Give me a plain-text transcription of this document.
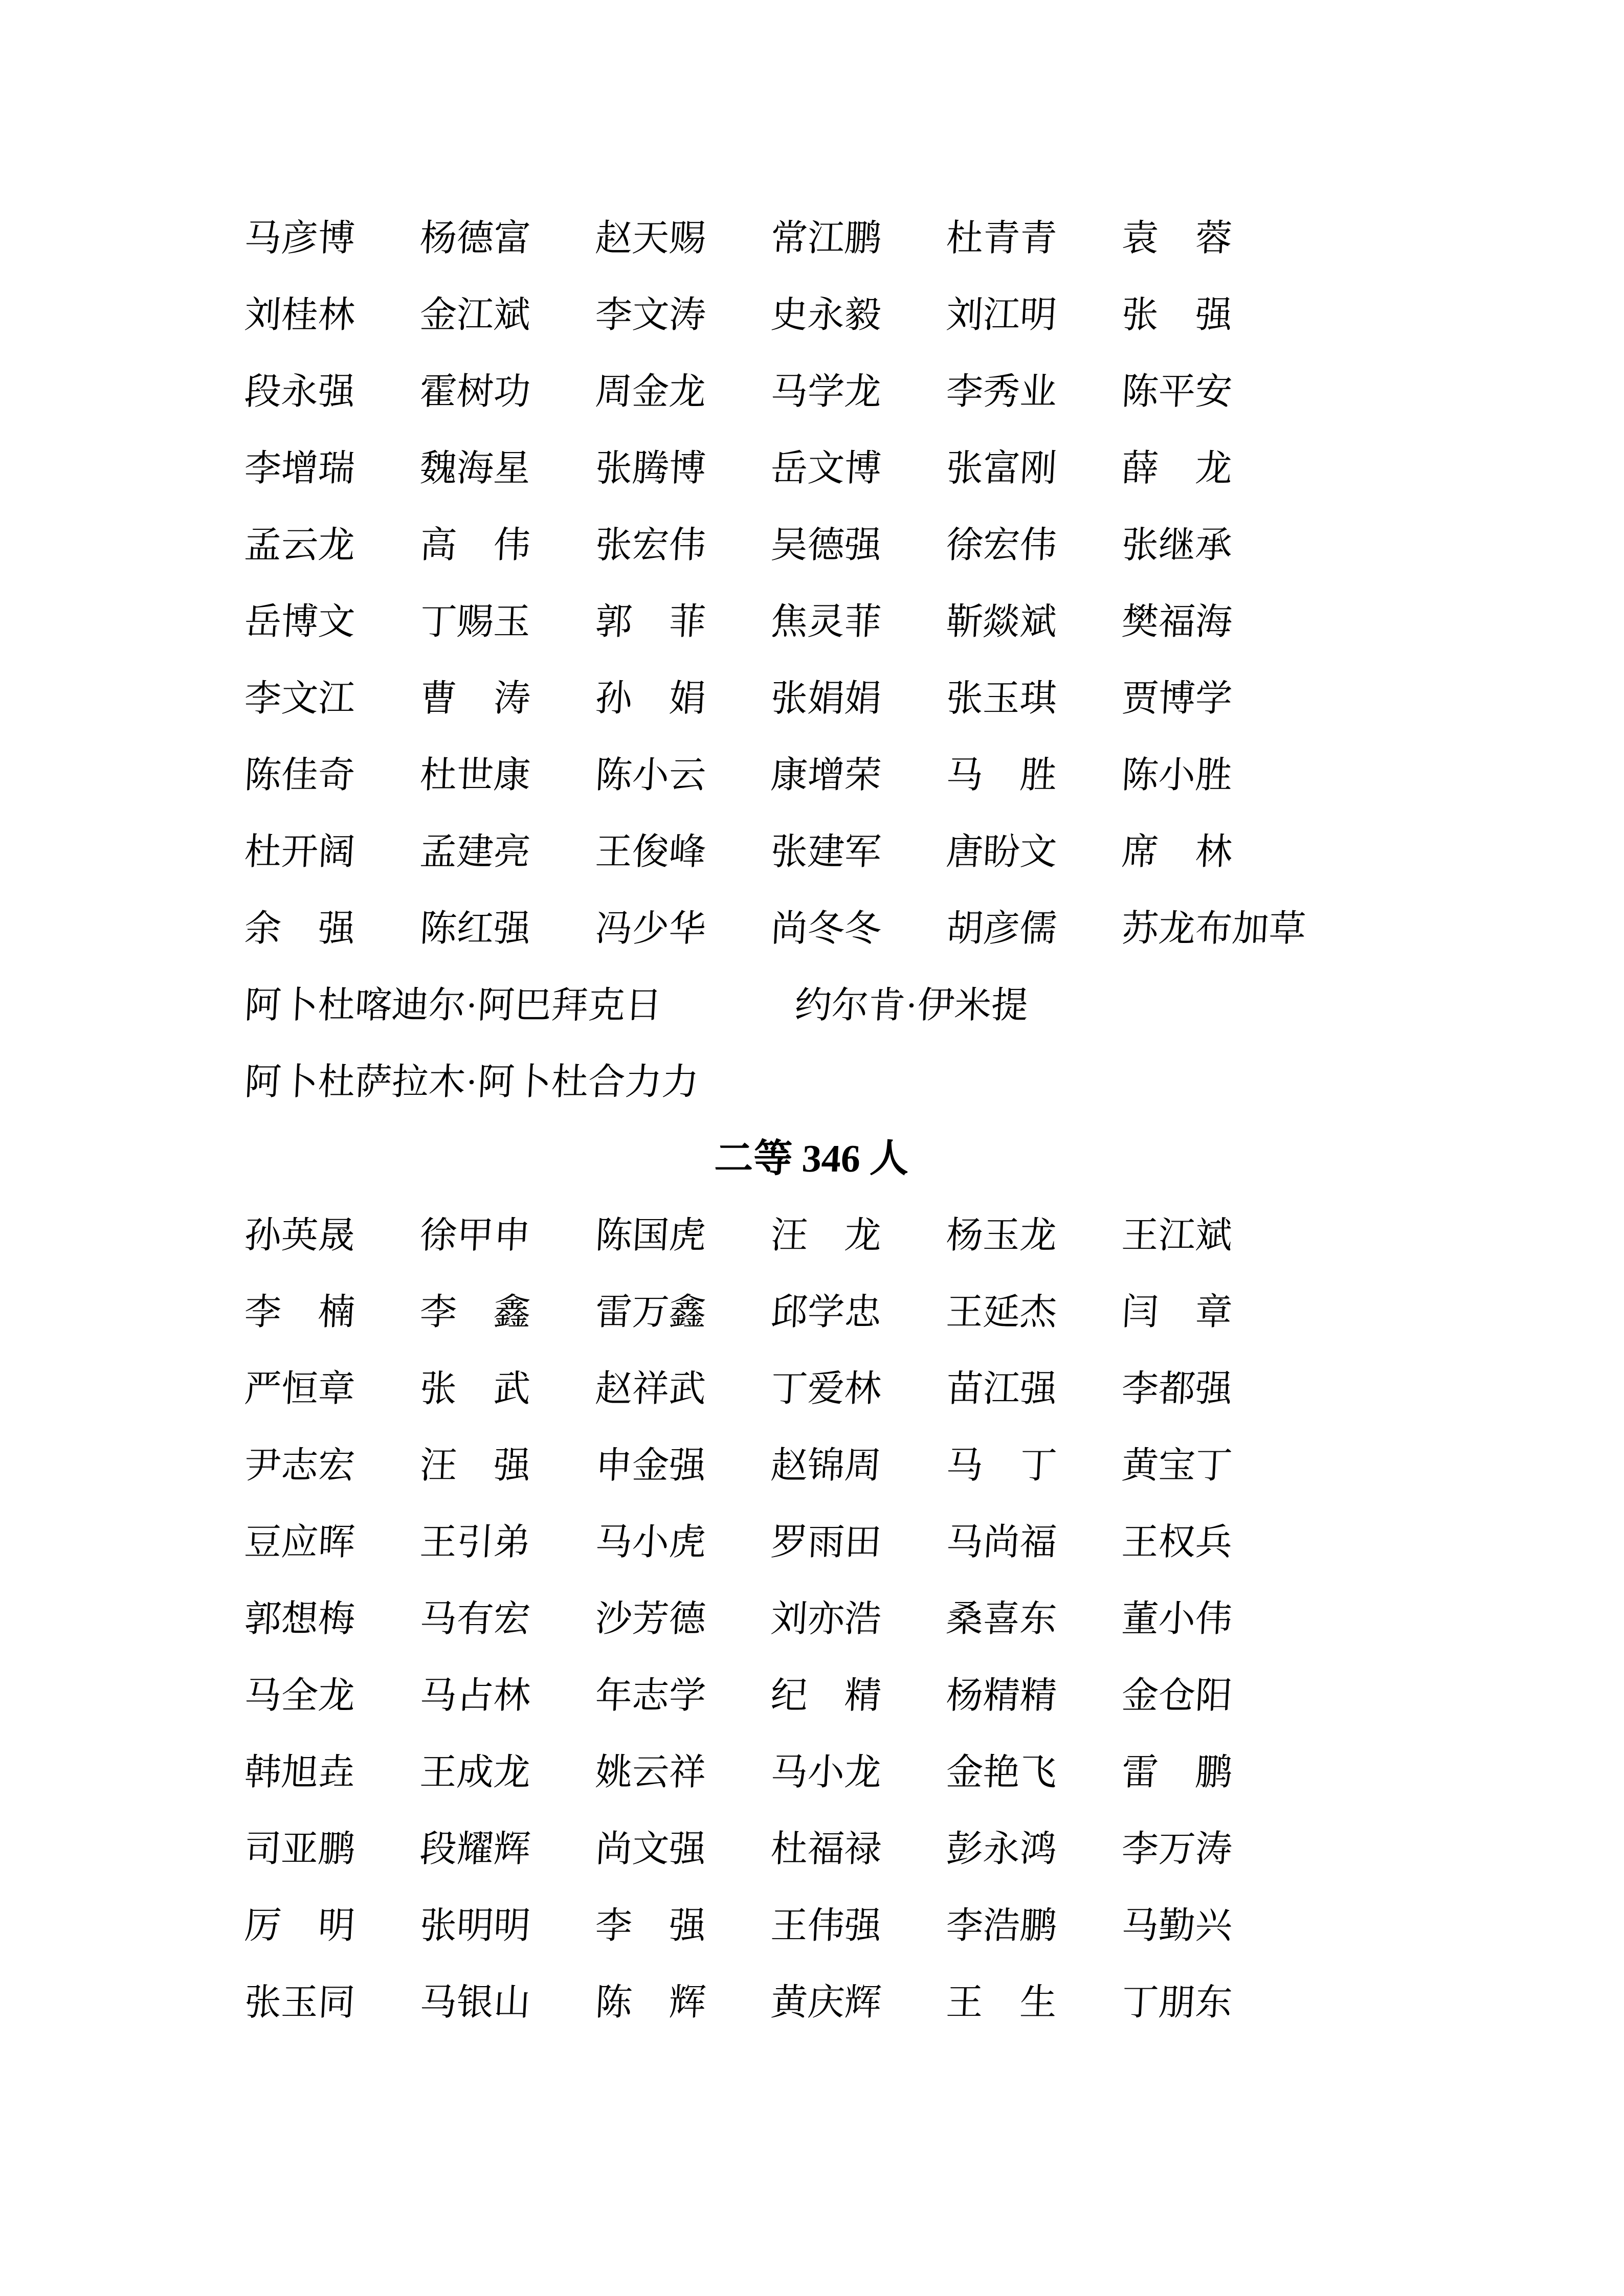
马彦博 杨德富 赵天赐 常江鹏 杜青青 袁　蓉
刘桂林 金江斌 李文涛 史永毅 刘江明 张　强
段永强 霍树功 周金龙 马学龙 李秀业 陈平安
李增瑞 魏海星 张腾博 岳文博 张富刚 薛　龙
孟云龙 高　伟 张宏伟 吴德强 徐宏伟 张继承
岳博文 丁赐玉 郭　菲 焦灵菲 靳燚斌 樊福海
李文江 曹　涛 孙　娟 张娟娟 张玉琪 贾博学
陈佳奇 杜世康 陈小云 康增荣 马　胜 陈小胜
杜开阔 孟建亮 王俊峰 张建军 唐盼文 席　林
余　强 陈红强 冯少华 尚冬冬 胡彦儒 苏龙布加草
阿卜杜喀迪尔·阿巴拜克日	约尔肯·伊米提
阿卜杜萨拉木·阿卜杜合力力
二等 346 人
孙英晟 徐甲申 陈国虎 汪　龙 杨玉龙 王江斌
李　楠 李　鑫 雷万鑫 邱学忠 王延杰 闫　章
严恒章 张　武 赵祥武 丁爱林 苗江强 李都强
尹志宏 汪　强 申金强 赵锦周 马　丁 黄宝丁
豆应晖 王引弟 马小虎 罗雨田 马尚福 王权兵
郭想梅 马有宏 沙芳德 刘亦浩 桑喜东 董小伟
马全龙 马占林 年志学 纪　精 杨精精 金仓阳
韩旭垚 王成龙 姚云祥 马小龙 金艳飞 雷　鹏
司亚鹏 段耀辉 尚文强 杜福禄 彭永鸿 李万涛
厉　明 张明明 李　强 王伟强 李浩鹏 马勤兴
张玉同 马银山 陈　辉 黄庆辉 王　生 丁朋东
